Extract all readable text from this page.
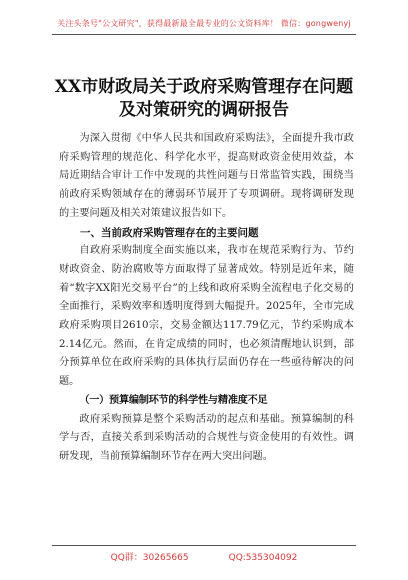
关注头条号"公文研究"，获得最新最全最专业的公文资料库！ 微信：gongwenyj
XX市财政局关于政府采购管理存在问题
及对策研究的调研报告

为深入贯彻《中华人民共和国政府采购法》，全面提升我市政府采购管理的规范化、科学化水平，提高财政资金使用效益，本局近期结合审计工作中发现的共性问题与日常监管实践，围绕当前政府采购领域存在的薄弱环节展开了专项调研。现将调研发现的主要问题及相关对策建议报告如下。

一、当前政府采购管理存在的主要问题

自政府采购制度全面实施以来，我市在规范采购行为、节约财政资金、防治腐败等方面取得了显著成效。特别是近年来，随着“数字XX阳光交易平台”的上线和政府采购全流程电子化交易的全面推行，采购效率和透明度得到大幅提升。2025年，全市完成政府采购项目2610宗，交易金额达117.79亿元，节约采购成本2.14亿元。然而，在肯定成绩的同时，也必须清醒地认识到，部分预算单位在政府采购的具体执行层面仍存在一些亟待解决的问题。

（一）预算编制环节的科学性与精准度不足

政府采购预算是整个采购活动的起点和基础。预算编制的科学与否，直接关系到采购活动的合规性与资金使用的有效性。调研发现，当前预算编制环节存在两大突出问题。

QQ群：30265665	QQ:535304092
